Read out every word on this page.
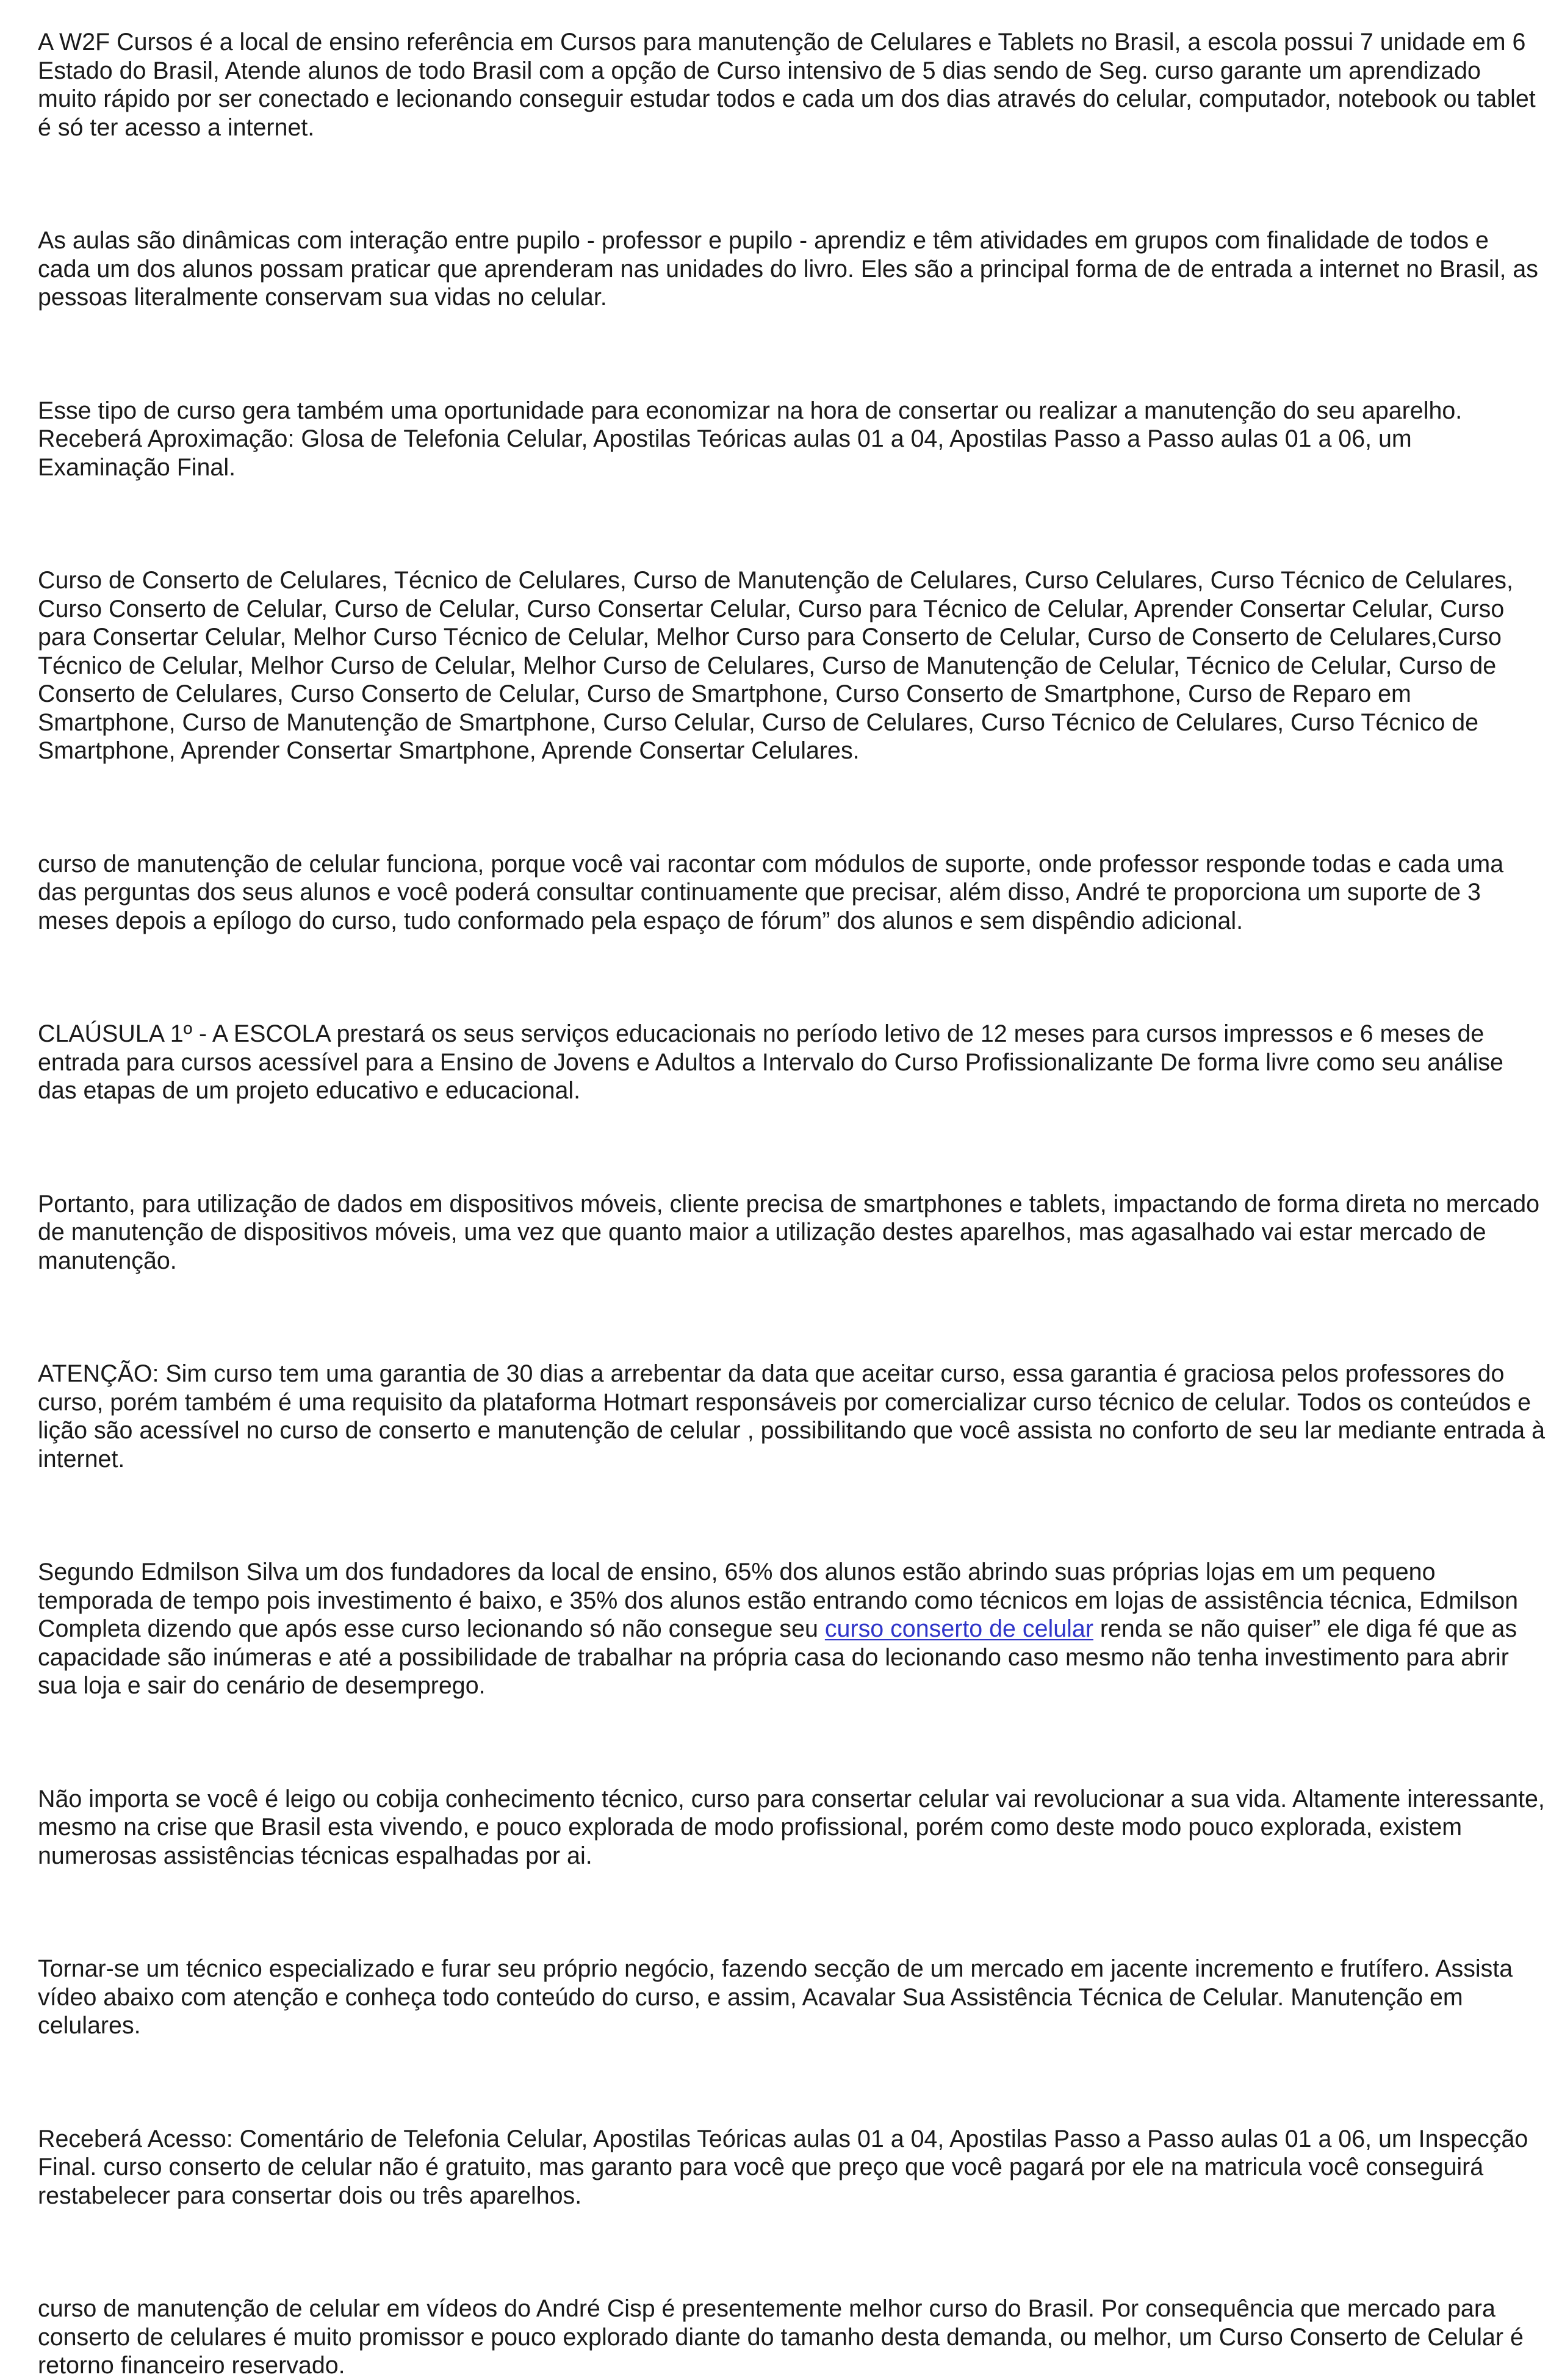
A W2F Cursos é a local de ensino referência em Cursos para manutenção de Celulares e Tablets no Brasil, a escola possui 7 unidade em 6 Estado do Brasil, Atende alunos de todo Brasil com a opção de Curso intensivo de 5 dias sendo de Seg. curso garante um aprendizado muito rápido por ser conectado e lecionando conseguir estudar todos e cada um dos dias através do celular, computador, notebook ou tablet é só ter acesso a internet.

As aulas são dinâmicas com interação entre pupilo - professor e pupilo - aprendiz e têm atividades em grupos com finalidade de todos e cada um dos alunos possam praticar que aprenderam nas unidades do livro. Eles são a principal forma de de entrada a internet no Brasil, as pessoas literalmente conservam sua vidas no celular.

Esse tipo de curso gera também uma oportunidade para economizar na hora de consertar ou realizar a manutenção do seu aparelho. Receberá Aproximação: Glosa de Telefonia Celular, Apostilas Teóricas aulas 01 a 04, Apostilas Passo a Passo aulas 01 a 06, um Examinação Final.

Curso de Conserto de Celulares, Técnico de Celulares, Curso de Manutenção de Celulares, Curso Celulares, Curso Técnico de Celulares, Curso Conserto de Celular, Curso de Celular, Curso Consertar Celular, Curso para Técnico de Celular, Aprender Consertar Celular, Curso para Consertar Celular, Melhor Curso Técnico de Celular, Melhor Curso para Conserto de Celular, Curso de Conserto de Celulares,Curso Técnico de Celular, Melhor Curso de Celular, Melhor Curso de Celulares, Curso de Manutenção de Celular, Técnico de Celular, Curso de Conserto de Celulares, Curso Conserto de Celular, Curso de Smartphone, Curso Conserto de Smartphone, Curso de Reparo em Smartphone, Curso de Manutenção de Smartphone, Curso Celular, Curso de Celulares, Curso Técnico de Celulares, Curso Técnico de Smartphone, Aprender Consertar Smartphone, Aprende Consertar Celulares.

curso de manutenção de celular funciona, porque você vai racontar com módulos de suporte, onde professor responde todas e cada uma das perguntas dos seus alunos e você poderá consultar continuamente que precisar, além disso, André te proporciona um suporte de 3 meses depois a epílogo do curso, tudo conformado pela espaço de fórum” dos alunos e sem dispêndio adicional.

CLAÚSULA 1º - A ESCOLA prestará os seus serviços educacionais no período letivo de 12 meses para cursos impressos e 6 meses de entrada para cursos acessível para a Ensino de Jovens e Adultos a Intervalo do Curso Profissionalizante De forma livre como seu análise das etapas de um projeto educativo e educacional.

Portanto, para utilização de dados em dispositivos móveis, cliente precisa de smartphones e tablets, impactando de forma direta no mercado de manutenção de dispositivos móveis, uma vez que quanto maior a utilização destes aparelhos, mas agasalhado vai estar mercado de manutenção.

ATENÇÃO: Sim curso tem uma garantia de 30 dias a arrebentar da data que aceitar curso, essa garantia é graciosa pelos professores do curso, porém também é uma requisito da plataforma Hotmart responsáveis por comercializar curso técnico de celular. Todos os conteúdos e lição são acessível no curso de conserto e manutenção de celular , possibilitando que você assista no conforto de seu lar mediante entrada à internet.

Segundo Edmilson Silva um dos fundadores da local de ensino, 65% dos alunos estão abrindo suas próprias lojas em um pequeno temporada de tempo pois investimento é baixo, e 35% dos alunos estão entrando como técnicos em lojas de assistência técnica, Edmilson Completa dizendo que após esse curso lecionando só não consegue seu curso conserto de celular renda se não quiser” ele diga fé que as capacidade são inúmeras e até a possibilidade de trabalhar na própria casa do lecionando caso mesmo não tenha investimento para abrir sua loja e sair do cenário de desemprego.

Não importa se você é leigo ou cobija conhecimento técnico, curso para consertar celular vai revolucionar a sua vida. Altamente interessante, mesmo na crise que Brasil esta vivendo, e pouco explorada de modo profissional, porém como deste modo pouco explorada, existem numerosas assistências técnicas espalhadas por ai.

Tornar-se um técnico especializado e furar seu próprio negócio, fazendo secção de um mercado em jacente incremento e frutífero. Assista vídeo abaixo com atenção e conheça todo conteúdo do curso, e assim, Acavalar Sua Assistência Técnica de Celular. Manutenção em celulares.

Receberá Acesso: Comentário de Telefonia Celular, Apostilas Teóricas aulas 01 a 04, Apostilas Passo a Passo aulas 01 a 06, um Inspecção Final. curso conserto de celular não é gratuito, mas garanto para você que preço que você pagará por ele na matricula você conseguirá restabelecer para consertar dois ou três aparelhos.

curso de manutenção de celular em vídeos do André Cisp é presentemente melhor curso do Brasil. Por consequência que mercado para conserto de celulares é muito promissor e pouco explorado diante do tamanho desta demanda, ou melhor, um Curso Conserto de Celular é retorno financeiro reservado.
